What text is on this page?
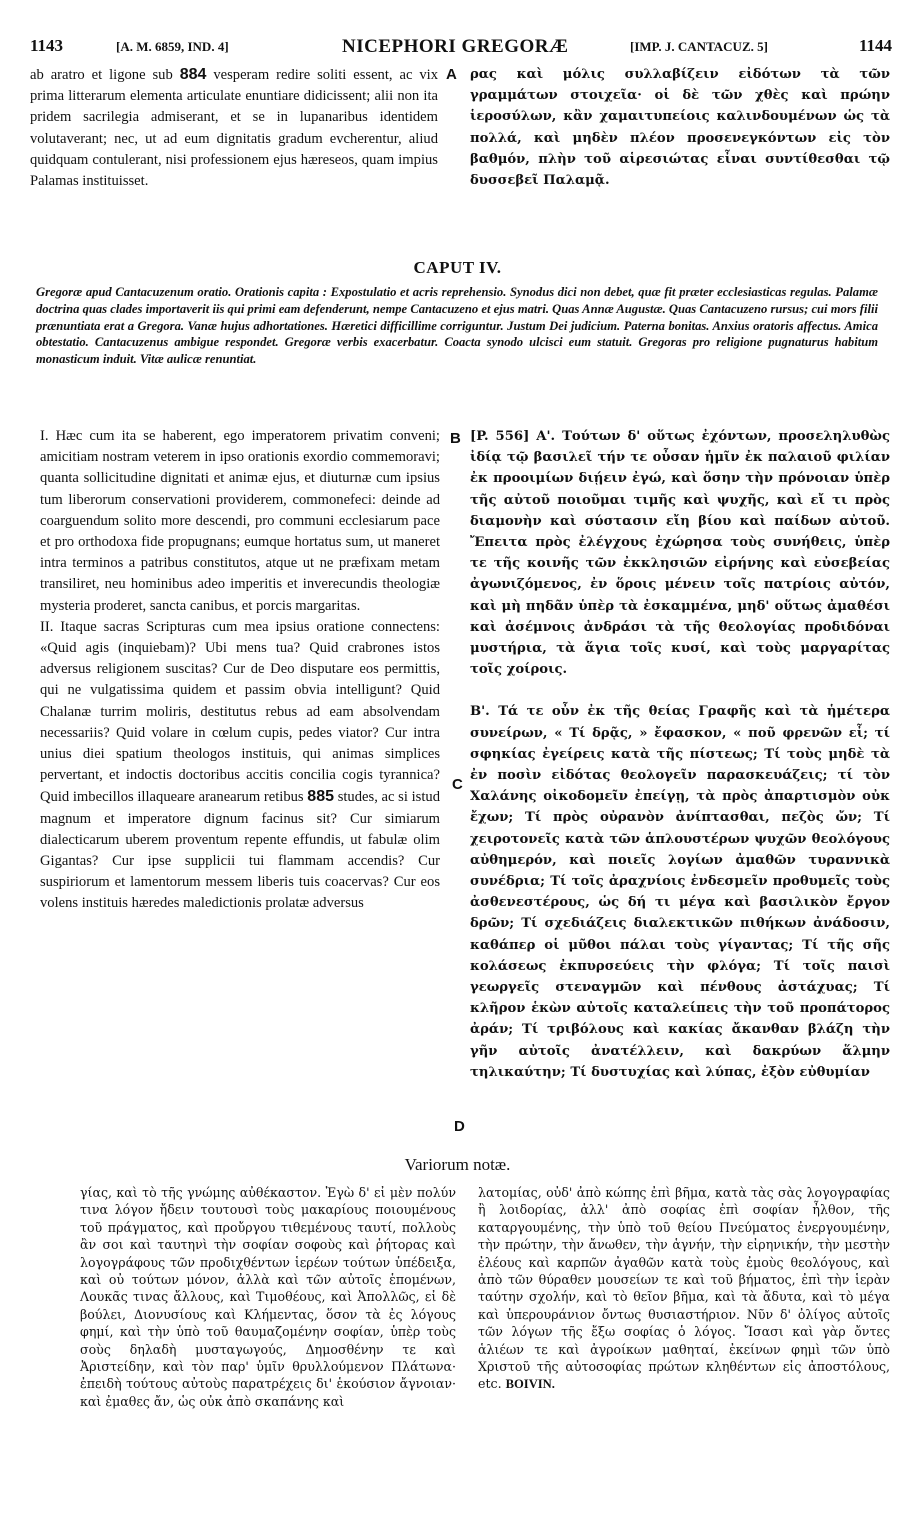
1143	[A. M. 6859, IND. 4]	NICEPHORI GREGORÆ	[IMP. J. CANTACUZ. 5]	1144

ab aratro et ligone sub 884 vesperam redire soliti essent, ac vix prima litterarum elementa articulate enuntiare didicissent; alii non ita pridem sacrilegia admiserant, et se in lupanaribus identidem volutaverant; nec, ut ad eum dignitatis gradum evcherentur, aliud quidquam contulerant, nisi professionem ejus hæreseos, quam impius Palamas instituisset.

A ρας καὶ μόλις συλλαβίζειν εἰδότων τὰ τῶν γραμμάτων στοιχεῖα· οἱ δὲ τῶν χθὲς καὶ πρώην ἱεροσύλων, κἂν χαμαιτυπείοις καλινδουμένων ὡς τὰ πολλά, καὶ μηδὲν πλέον προσενεγκόντων εἰς τὸν βαθμόν, πλὴν τοῦ αἱρεσιώτας εἶναι συντίθεσθαι τῷ δυσσεβεῖ Παλαμᾷ.

CAPUT IV.
Gregoræ apud Cantacuzenum oratio. Orationis capita : Expostulatio et acris reprehensio. Synodus dici non debet, quæ fit præter ecclesiasticas regulas. Palamæ doctrina quas clades importaverit iis qui primi eam defenderunt, nempe Cantacuzeno et ejus matri. Quas Annæ Augustæ. Quas Cantacuzeno rursus; cui mors filii prænuntiata erat a Gregora. Vanæ hujus adhortationes. Hæretici difficillime corriguntur. Justum Dei judicium. Paterna bonitas. Anxius oratoris affectus. Amica obtestatio. Cantacuzenus ambigue respondet. Gregoræ verbis exacerbatur. Coacta synodo ulcisci eum statuit. Gregoras pro religione pugnaturus habitum monasticum induit. Vitæ aulicæ renuntiat.

I. Hæc cum ita se haberent, ego imperatorem privatim conveni; amicitiam nostram veterem in ipso orationis exordio commemoravi; quanta sollicitudine dignitati et animæ ejus, et diuturnæ cum ipsius tum liberorum conservationi providerem, commonefeci: deinde ad coarguendum solito more descendi, pro communi ecclesiarum pace et pro orthodoxa fide propugnans; eumque hortatus sum, ut maneret intra terminos a patribus constitutos, atque ut ne præfixam metam transiliret, neu hominibus adeo imperitis et inverecundis theologiæ mysteria proderet, sancta canibus, et porcis margaritas.

II. Itaque sacras Scripturas cum mea ipsius oratione connectens: «Quid agis (inquiebam)? Ubi mens tua? Quid crabrones istos adversus religionem suscitas? Cur de Deo disputare eos permittis, qui ne vulgatissima quidem et passim obvia intelligunt? Quid Chalanæ turrim moliris, destitutus rebus ad eam absolvendam necessariis? Quid volare in cœlum cupis, pedes viator? Cur intra unius diei spatium theologos instituis, qui animas simplices pervertant, et indoctis doctoribus accitis concilia cogis tyrannica? Quid imbecillos illaqueare aranearum retibus 885 studes, ac si istud magnum et imperatore dignum facinus sit? Cur simiarum dialecticarum uberem proventum repente effundis, ut fabulæ olim Gigantas? Cur ipse supplicii tui flammam accendis? Cur suspiriorum et lamentorum messem liberis tuis coacervas? Cur eos volens instituis hæredes maledictionis prolatæ adversus

B
C
D

[P. 556] Α'. Τούτων δ' οὕτως ἐχόντων, προσεληλυθὼς ἰδίᾳ τῷ βασιλεῖ τήν τε οὖσαν ἡμῖν ἐκ παλαιοῦ φιλίαν ἐκ προοιμίων διῄειν ἐγώ, καὶ ὅσην τὴν πρόνοιαν ὑπὲρ τῆς αὐτοῦ ποιοῦμαι τιμῆς καὶ ψυχῆς, καὶ εἴ τι πρὸς διαμονὴν καὶ σύστασιν εἴη βίου καὶ παίδων αὐτοῦ. Ἔπειτα πρὸς ἐλέγχους ἐχώρησα τοὺς συνήθεις, ὑπὲρ τε τῆς κοινῆς τῶν ἐκκλησιῶν εἰρήνης καὶ εὐσεβείας ἀγωνιζόμενος, ἐν ὅροις μένειν τοῖς πατρίοις αὐτόν, καὶ μὴ πηδᾶν ὑπὲρ τὰ ἐσκαμμένα, μηδ' οὕτως ἀμαθέσι καὶ ἀσέμνοις ἀνδράσι τὰ τῆς θεολογίας προδιδόναι μυστήρια, τὰ ἅγια τοῖς κυσί, καὶ τοὺς μαργαρίτας τοῖς χοίροις.

Β'. Τά τε οὖν ἐκ τῆς θείας Γραφῆς καὶ τὰ ἡμέτερα συνείρων, « Τί δρᾷς, » ἔφασκον, « ποῦ φρενῶν εἶ; τί σφηκίας ἐγείρεις κατὰ τῆς πίστεως; Τί τοὺς μηδὲ τὰ ἐν ποσὶν εἰδότας θεολογεῖν παρασκευάζεις; τί τὸν Χαλάνης οἰκοδομεῖν ἐπείγῃ, τὰ πρὸς ἀπαρτισμὸν οὐκ ἔχων; Τί πρὸς οὐρανὸν ἀνίπτασθαι, πεζὸς ὤν; Τί χειροτονεῖς κατὰ τῶν ἁπλουστέρων ψυχῶν θεολόγους αὐθημερόν, καὶ ποιεῖς λογίων ἀμαθῶν τυραννικὰ συνέδρια; Τί τοῖς ἀραχνίοις ἐνδεσμεῖν προθυμεῖς τοὺς ἀσθενεστέρους, ὡς δή τι μέγα καὶ βασιλικὸν ἔργον δρῶν; Τί σχεδιάζεις διαλεκτικῶν πιθήκων ἀνάδοσιν, καθάπερ οἱ μῦθοι πάλαι τοὺς γίγαντας; Τί τῆς σῆς κολάσεως ἐκπυρσεύεις τὴν φλόγα; Τί τοῖς παισὶ γεωργεῖς στεναγμῶν καὶ πένθους ἀστάχυας; Τί κλῆρον ἑκὼν αὐτοῖς καταλείπεις τὴν τοῦ προπάτορος ἀράν; Τί τριβόλους καὶ κακίας ἄκανθαν βλάζη τὴν γῆν αὐτοῖς ἀνατέλλειν, καὶ δακρύων ἅλμην τηλικαύτην; Τί δυστυχίας καὶ λύπας, ἐξὸν εὐθυμίαν

Variorum notæ.
γίας, καὶ τὸ τῆς γνώμης αὐθέκαστον. Ἐγὼ δ' εἰ μὲν πολύν τινα λόγον ἤδειν τουτουσὶ τοὺς μακαρίους ποιουμένους τοῦ πράγματος, καὶ προὔργου τιθεμένους ταυτί, πολλοὺς ἂν σοι καὶ ταυτηνὶ τὴν σοφίαν σοφοὺς καὶ ῥήτορας καὶ λογογράφους τῶν προδιχθέντων ἱερέων τούτων ὑπέδειξα, καὶ οὐ τούτων μόνον, ἀλλὰ καὶ τῶν αὐτοῖς ἑπομένων, Λουκᾶς τινας ἄλλους, καὶ Τιμοθέους, καὶ Ἀπολλῶς, εἰ δὲ βούλει, Διονυσίους καὶ Κλήμεντας, ὅσον τὰ ἐς λόγους φημί, καὶ τὴν ὑπὸ τοῦ θαυμαζομένην σοφίαν, ὑπὲρ τοὺς σοὺς δηλαδὴ μυσταγωγούς, Δημοσθένην τε καὶ Ἀριστείδην, καὶ τὸν παρ' ὑμῖν θρυλλούμενον Πλάτωνα· ἐπειδὴ τούτους αὐτοὺς παρατρέχεις δι' ἑκούσιον ἄγνοιαν· καὶ ἐμαθες ἄν, ὡς οὐκ ἀπὸ σκαπάνης καὶ
λατομίας, οὐδ' ἀπὸ κώπης ἐπὶ βῆμα, κατὰ τὰς σὰς λογογραφίας ἢ λοιδορίας, ἀλλ' ἀπὸ σοφίας ἐπὶ σοφίαν ἦλθον, τῆς καταργουμένης, τὴν ὑπὸ τοῦ θείου Πνεύματος ἐνεργουμένην, τὴν πρώτην, τὴν ἄνωθεν, τὴν ἁγνήν, τὴν εἰρηνικήν, τὴν μεστὴν ἐλέους καὶ καρπῶν ἀγαθῶν κατὰ τοὺς ἐμοὺς θεολόγους, καὶ ἀπὸ τῶν θύραθεν μουσείων τε καὶ τοῦ βήματος, ἐπὶ τὴν ἱερὰν ταύτην σχολήν, καὶ τὸ θεῖον βῆμα, καὶ τὰ ἄδυτα, καὶ τὸ μέγα καὶ ὑπερουράνιον ὄντως θυσιαστήριον. Νῦν δ' ὀλίγος αὐτοῖς τῶν λόγων τῆς ἔξω σοφίας ὁ λόγος. Ἴσασι καὶ γὰρ ὄντες ἁλιέων τε καὶ ἀγροίκων μαθηταί, ἐκείνων φημὶ τῶν ὑπὸ Χριστοῦ τῆς αὐτοσοφίας πρώτων κληθέντων εἰς ἀποστόλους, etc. BOIVIN.
